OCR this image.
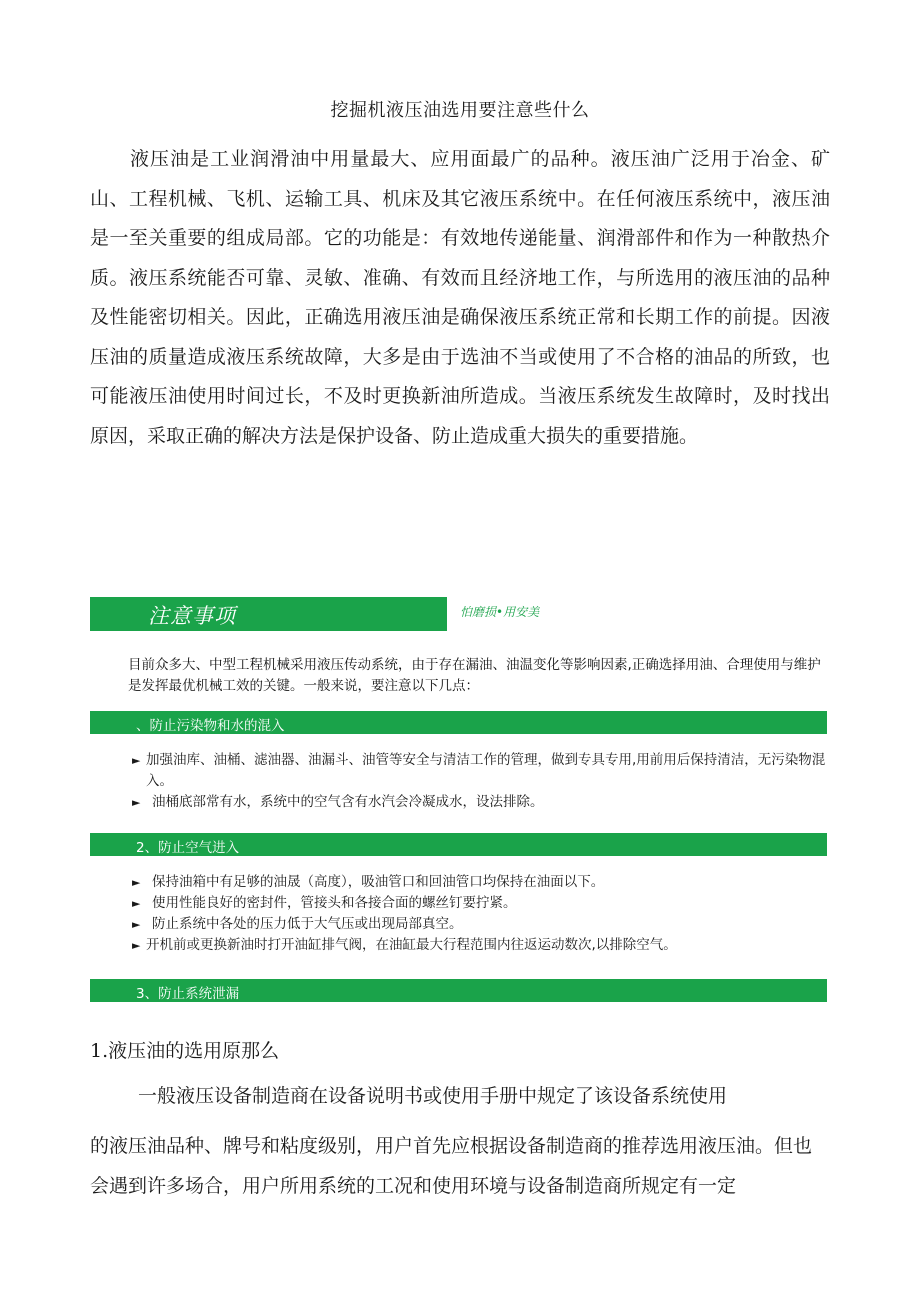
挖掘机液压油选用要注意些什么

液压油是工业润滑油中用量最大、应用面最广的品种。液压油广泛用于冶金、矿山、工程机械、飞机、运输工具、机床及其它液压系统中。在任何液压系统中，液压油是一至关重要的组成局部。它的功能是：有效地传递能量、润滑部件和作为一种散热介质。液压系统能否可靠、灵敏、准确、有效而且经济地工作，与所选用的液压油的品种及性能密切相关。因此，正确选用液压油是确保液压系统正常和长期工作的前提。因液压油的质量造成液压系统故障，大多是由于选油不当或使用了不合格的油品的所致，也可能液压油使用时间过长，不及时更换新油所造成。当液压系统发生故障时，及时找出原因，采取正确的解决方法是保护设备、防止造成重大损失的重要措施。

注意事项	怕磨损•用安美

目前众多大、中型工程机械采用液压传动系统，由于存在漏油、油温变化等影响因素,正确选择用油、合理使用与维护是发挥最优机械工效的关键。一般来说，要注意以下几点：

、防止污染物和水的混入
► 加强油库、油桶、滤油器、油漏斗、油管等安全与清洁工作的管理，做到专具专用,用前用后保持清洁，无污染物混入。
► 油桶底部常有水，系统中的空气含有水汽会冷凝成水，设法排除。
2、防止空气进入
► 保持油箱中有足够的油晟（高度），吸油管口和回油管口均保持在油面以下。
► 使用性能良好的密封件，管接头和各接合面的螺丝钉要拧紧。
► 防止系统中各处的压力低于大气压或出现局部真空。
► 开机前或更换新油时打开油缸排气阀，在油缸最大行程范围内往返运动数次,以排除空气。
3、防止系统泄漏
1.液压油的选用原那么

一般液压设备制造商在设备说明书或使用手册中规定了该设备系统使用

的液压油品种、牌号和粘度级别，用户首先应根据设备制造商的推荐选用液压油。但也会遇到许多场合，用户所用系统的工况和使用环境与设备制造商所规定有一定
